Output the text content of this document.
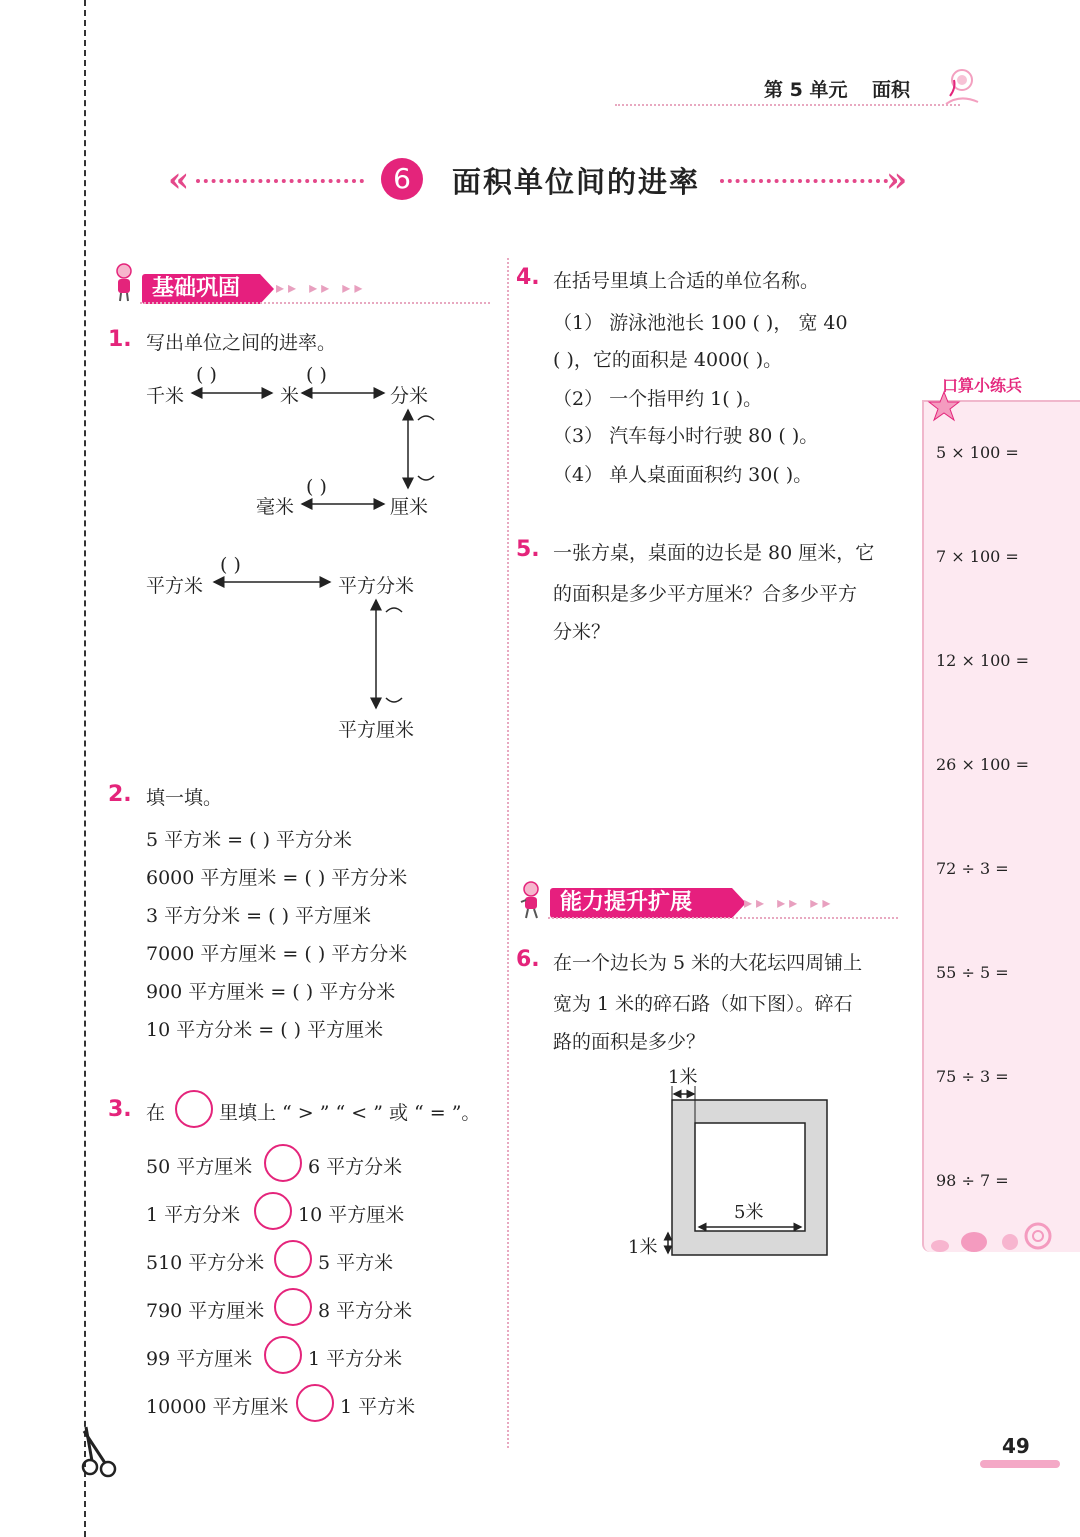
第 5 单元 面积
«	6	面积单位间的进率	»
基础巩固	▸▸ ▸▸ ▸▸
1. 写出单位之间的进率。
千米	米	分米
毫米	厘米
平方米	平方分米
平方厘米
( )	( )
( )
( )
2. 填一填。
5 平方米 = ( ) 平方分米
6000 平方厘米 = ( ) 平方分米
3 平方分米 = ( ) 平方厘米
7000 平方厘米 = ( ) 平方分米
900 平方厘米 = ( ) 平方分米
10 平方分米 = ( ) 平方厘米
3. 在	里填上 “ > ” “ < ” 或 “ = ”。
50 平方厘米	6 平方分米
1 平方分米	10 平方厘米
510 平方分米	5 平方米
790 平方厘米	8 平方分米
99 平方厘米	1 平方分米
10000 平方厘米	1 平方米
4. 在括号里填上合适的单位名称。
（1） 游泳池池长 100 ( )， 宽 40
( )，它的面积是 4000( )。
（2） 一个指甲约 1( )。
（3） 汽车每小时行驶 80 ( )。
（4） 单人桌面面积约 30( )。
5. 一张方桌，桌面的边长是 80 厘米，它
的面积是多少平方厘米？合多少平方
分米？
能力提升扩展	▸▸ ▸▸ ▸▸
6. 在一个边长为 5 米的大花坛四周铺上
宽为 1 米的碎石路（如下图）。碎石
路的面积是多少？
1米
5米
1米
口算小练兵
5 × 100 =
7 × 100 =
12 × 100 =
26 × 100 =
72 ÷ 3 =
55 ÷ 5 =
75 ÷ 3 =
98 ÷ 7 =
49
